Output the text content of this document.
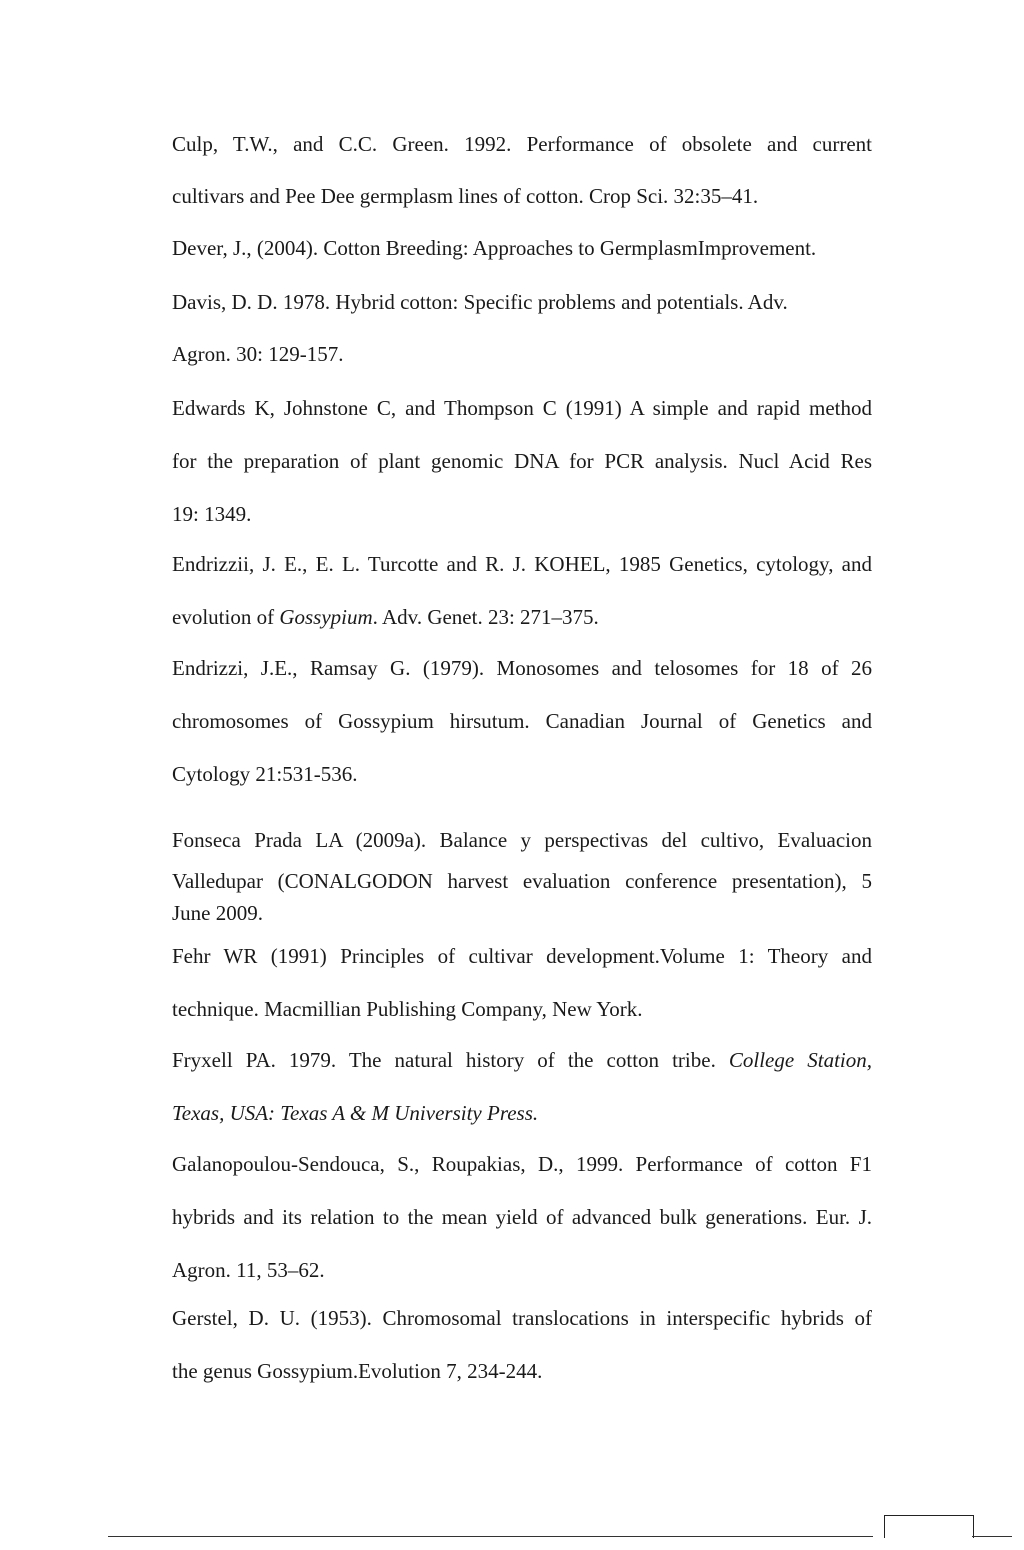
Culp, T.W., and C.C. Green. 1992. Performance of obsolete and current
cultivars and Pee Dee germplasm lines of cotton. Crop Sci. 32:35–41.

Dever, J., (2004). Cotton Breeding: Approaches to GermplasmImprovement.

Davis, D. D. 1978. Hybrid cotton: Specific problems and potentials. Adv.
Agron. 30: 129-157.

Edwards K, Johnstone C, and Thompson C (1991) A simple and rapid method
for the preparation of plant genomic DNA for PCR analysis. Nucl Acid Res
19: 1349.

Endrizzii, J. E., E. L. Turcotte and R. J. KOHEL, 1985 Genetics, cytology, and
evolution of Gossypium. Adv. Genet. 23: 271–375.

Endrizzi, J.E., Ramsay G. (1979). Monosomes and telosomes for 18 of 26
chromosomes of Gossypium hirsutum. Canadian Journal of Genetics and
Cytology 21:531-536.

Fonseca Prada LA (2009a). Balance y perspectivas del cultivo, Evaluacion
Valledupar (CONALGODON harvest evaluation conference presentation), 5
June 2009.

Fehr WR (1991) Principles of cultivar development.Volume 1: Theory and
technique. Macmillian Publishing Company, New York.

Fryxell PA. 1979. The natural history of the cotton tribe. College Station,
Texas, USA: Texas A & M University Press.

Galanopoulou-Sendouca, S., Roupakias, D., 1999. Performance of cotton F1
hybrids and its relation to the mean yield of advanced bulk generations. Eur. J.
Agron. 11, 53–62.

Gerstel, D. U. (1953). Chromosomal translocations in interspecific hybrids of
the genus Gossypium.Evolution 7, 234-244.
